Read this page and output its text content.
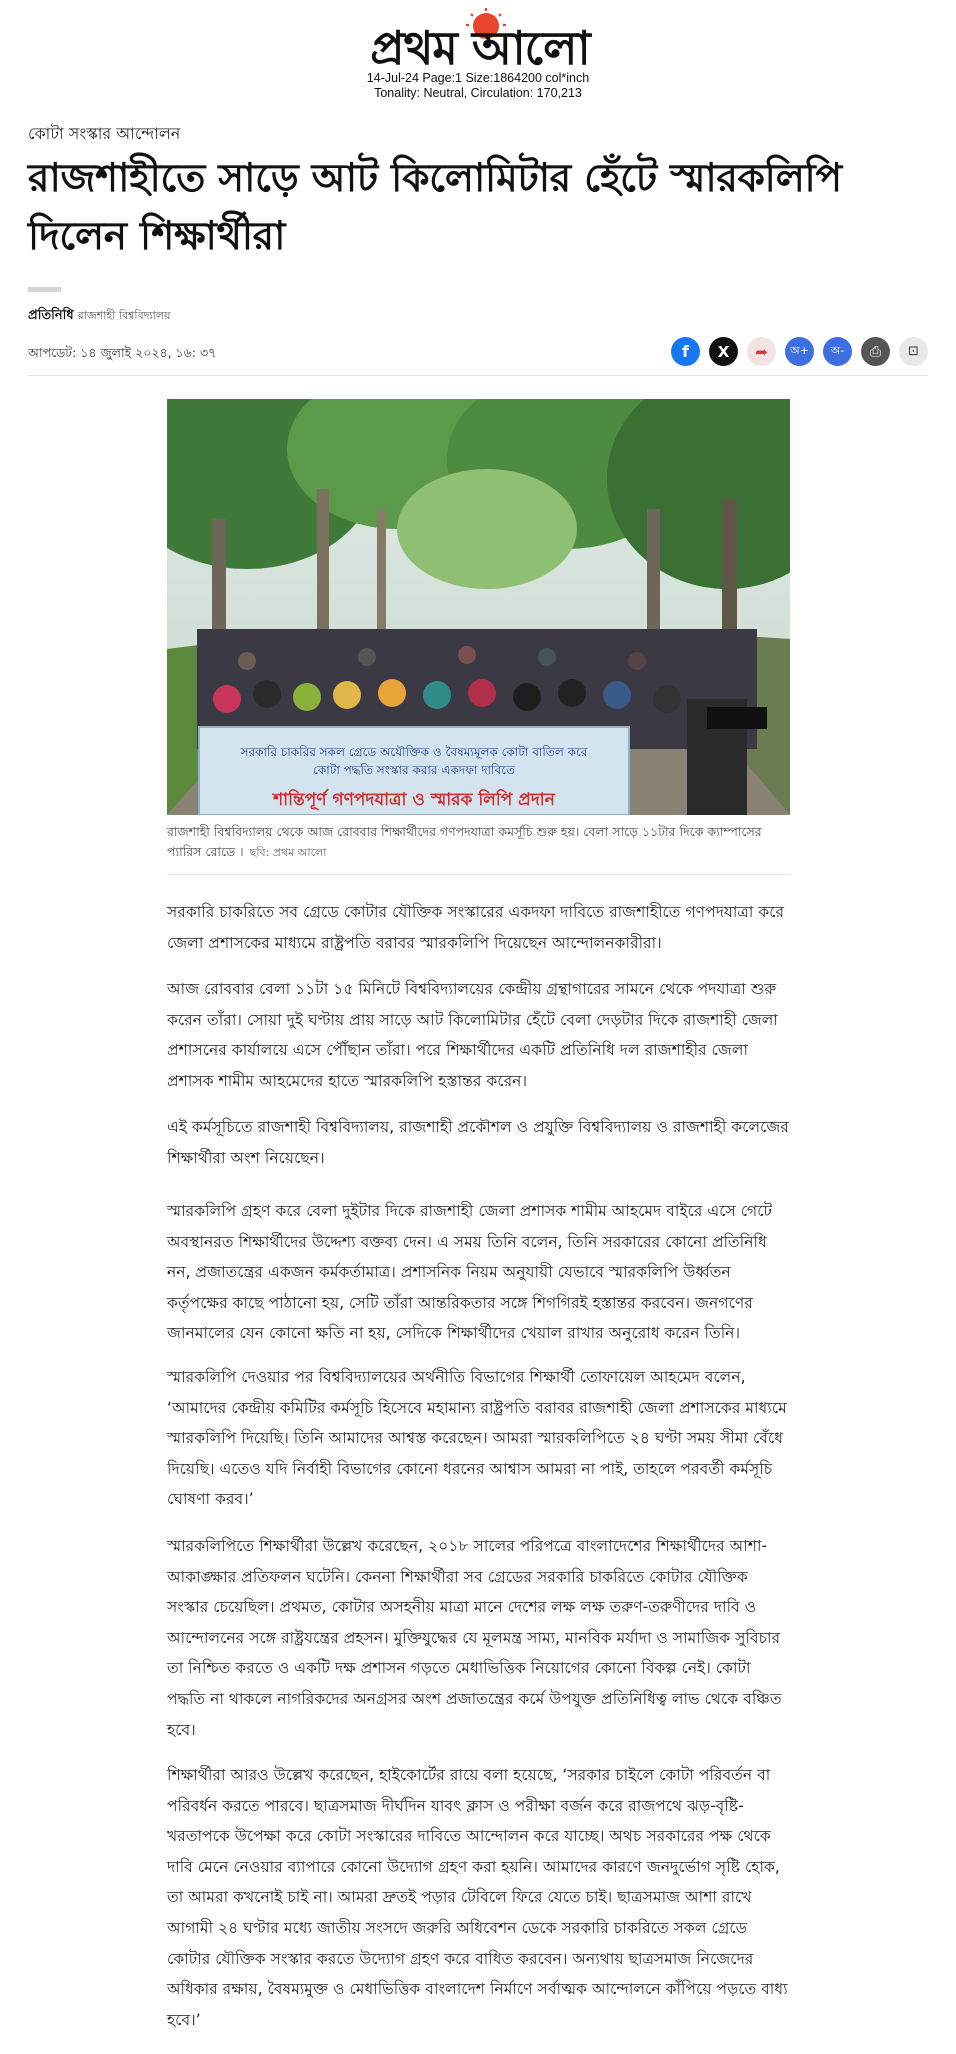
প্রথম আলো
14-Jul-24 Page:1 Size:1864200 col*inch
Tonality: Neutral, Circulation: 170,213
কোটা সংস্কার আন্দোলন
রাজশাহীতে সাড়ে আট কিলোমিটার হেঁটে স্মারকলিপি দিলেন শিক্ষার্থীরা
প্রতিনিধি রাজশাহী বিশ্ববিদ্যালয়
আপডেট: ১৪ জুলাই ২০২৪, ১৬: ৩৭	f	X	➦	অ+	অ-	⎙	⊡
সরকারি চাকরির সকল গ্রেডে অযৌক্তিক ও বৈষম্যমূলক কোটা বাতিল করে
কোটা পদ্ধতি সংস্কার করার একদফা দাবিতে
শান্তিপূর্ণ গণপদযাত্রা ও স্মারক লিপি প্রদান
রাজশাহী বিশ্ববিদ্যালয় থেকে আজ রোববার শিক্ষার্থীদের গণপদযাত্রা কমর্সূচি শুরু হয়। বেলা সাড়ে ১১টার দিকে ক্যাম্পাসের প্যারিস রোডে । ছবি: প্রথম আলো

সরকারি চাকরিতে সব গ্রেডে কোটার যৌক্তিক সংস্কারের একদফা দাবিতে রাজশাহীতে গণপদযাত্রা করে জেলা প্রশাসকের মাধ্যমে রাষ্ট্রপতি বরাবর স্মারকলিপি দিয়েছেন আন্দোলনকারীরা।

আজ রোববার বেলা ১১টা ১৫ মিনিটে বিশ্ববিদ্যালয়ের কেন্দ্রীয় গ্রন্থাগারের সামনে থেকে পদযাত্রা শুরু করেন তাঁরা। সোয়া দুই ঘণ্টায় প্রায় সাড়ে আট কিলোমিটার হেঁটে বেলা দেড়টার দিকে রাজশাহী জেলা প্রশাসনের কার্যালয়ে এসে পৌঁছান তাঁরা। পরে শিক্ষার্থীদের একটি প্রতিনিধি দল রাজশাহীর জেলা প্রশাসক শামীম আহমেদের হাতে স্মারকলিপি হস্তান্তর করেন।

এই কর্মসূচিতে রাজশাহী বিশ্ববিদ্যালয়, রাজশাহী প্রকৌশল ও প্রযুক্তি বিশ্ববিদ্যালয় ও রাজশাহী কলেজের শিক্ষার্থীরা অংশ নিয়েছেন।

স্মারকলিপি গ্রহণ করে বেলা দুইটার দিকে রাজশাহী জেলা প্রশাসক শামীম আহমেদ বাইরে এসে গেটে অবস্থানরত শিক্ষার্থীদের উদ্দেশ্য বক্তব্য দেন। এ সময় তিনি বলেন, তিনি সরকারের কোনো প্রতিনিধি নন, প্রজাতন্ত্রের একজন কর্মকর্তামাত্র। প্রশাসনিক নিয়ম অনুযায়ী যেভাবে স্মারকলিপি উর্ধ্বতন কর্তৃপক্ষের কাছে পাঠানো হয়, সেটি তাঁরা আন্তরিকতার সঙ্গে শিগগিরই হস্তান্তর করবেন। জনগণের জানমালের যেন কোনো ক্ষতি না হয়, সেদিকে শিক্ষার্থীদের খেয়াল রাখার অনুরোধ করেন তিনি।

স্মারকলিপি দেওয়ার পর বিশ্ববিদ্যালয়ের অর্থনীতি বিভাগের শিক্ষার্থী তোফায়েল আহমেদ বলেন, ‘আমাদের কেন্দ্রীয় কমিটির কর্মসূচি হিসেবে মহামান্য রাষ্ট্রপতি বরাবর রাজশাহী জেলা প্রশাসকের মাধ্যমে স্মারকলিপি দিয়েছি। তিনি আমাদের আশ্বস্ত করেছেন। আমরা স্মারকলিপিতে ২৪ ঘণ্টা সময় সীমা বেঁধে দিয়েছি। এতেও যদি নির্বাহী বিভাগের কোনো ধরনের আশ্বাস আমরা না পাই, তাহলে পরবর্তী কর্মসূচি ঘোষণা করব।’

স্মারকলিপিতে শিক্ষার্থীরা উল্লেখ করেছেন, ২০১৮ সালের পরিপত্রে বাংলাদেশের শিক্ষার্থীদের আশা-আকাঙ্ক্ষার প্রতিফলন ঘটেনি। কেননা শিক্ষার্থীরা সব গ্রেডের সরকারি চাকরিতে কোটার যৌক্তিক সংস্কার চেয়েছিল। প্রথমত, কোটার অসহনীয় মাত্রা মানে দেশের লক্ষ লক্ষ তরুণ-তরুণীদের দাবি ও আন্দোলনের সঙ্গে রাষ্ট্রযন্ত্রের প্রহসন। মুক্তিযুদ্ধের যে মূলমন্ত্র সাম্য, মানবিক মর্যাদা ও সামাজিক সুবিচার তা নিশ্চিত করতে ও একটি দক্ষ প্রশাসন গড়তে মেধাভিত্তিক নিয়োগের কোনো বিকল্প নেই। কোটা পদ্ধতি না থাকলে নাগরিকদের অনগ্রসর অংশ প্রজাতন্ত্রের কর্মে উপযুক্ত প্রতিনিধিত্ব লাভ থেকে বঞ্চিত হবে।

শিক্ষার্থীরা আরও উল্লেখ করেছেন, হাইকোর্টের রায়ে বলা হয়েছে, ‘সরকার চাইলে কোটা পরিবর্তন বা পরিবর্ধন করতে পারবে। ছাত্রসমাজ দীর্ঘদিন যাবৎ ক্লাস ও পরীক্ষা বর্জন করে রাজপথে ঝড়-বৃষ্টি-খরতাপকে উপেক্ষা করে কোটা সংস্কারের দাবিতে আন্দোলন করে যাচ্ছে। অথচ সরকারের পক্ষ থেকে দাবি মেনে নেওয়ার ব্যাপারে কোনো উদ্যোগ গ্রহণ করা হয়নি। আমাদের কারণে জনদুর্ভোগ সৃষ্টি হোক, তা আমরা কখনোই চাই না। আমরা দ্রুতই পড়ার টেবিলে ফিরে যেতে চাই। ছাত্রসমাজ আশা রাখে আগামী ২৪ ঘণ্টার মধ্যে জাতীয় সংসদে জরুরি অধিবেশন ডেকে সরকারি চাকরিতে সকল গ্রেডে কোটার যৌক্তিক সংস্কার করতে উদ্যোগ গ্রহণ করে বাধিত করবেন। অন্যথায় ছাত্রসমাজ নিজেদের অধিকার রক্ষায়, বৈষম্যমুক্ত ও মেধাভিত্তিক বাংলাদেশ নির্মাণে সর্বাত্মক আন্দোলনে কাঁপিয়ে পড়তে বাধ্য হবে।’
